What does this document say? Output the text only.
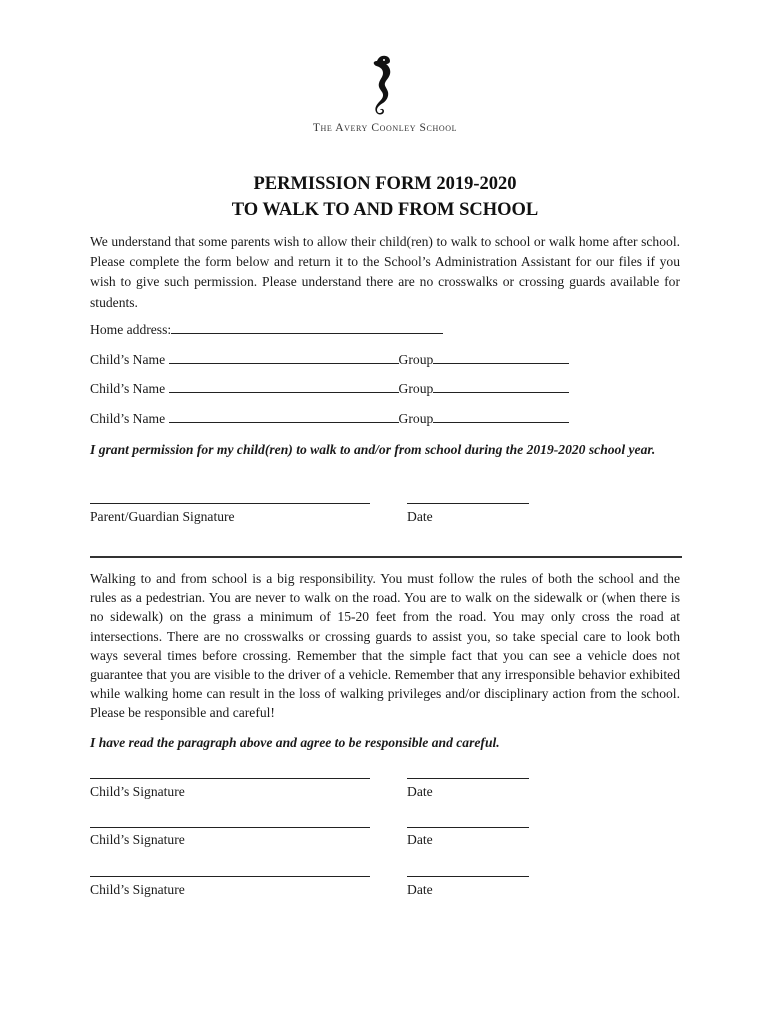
The Avery Coonley School
PERMISSION FORM 2019-2020
TO WALK TO AND FROM SCHOOL

We understand that some parents wish to allow their child(ren) to walk to school or walk home after school. Please complete the form below and return it to the School’s Administration Assistant for our files if you wish to give such permission. Please understand there are no crosswalks or crossing guards available for students.

Home address:
Child’s Name	Group
Child’s Name	Group
Child’s Name	Group
I grant permission for my child(ren) to walk to and/or from school during the 2019-2020 school year.
Parent/Guardian Signature	Date

Walking to and from school is a big responsibility. You must follow the rules of both the school and the rules as a pedestrian. You are never to walk on the road. You are to walk on the sidewalk or (when there is no sidewalk) on the grass a minimum of 15-20 feet from the road. You may only cross the road at intersections. There are no crosswalks or crossing guards to assist you, so take special care to look both ways several times before crossing. Remember that the simple fact that you can see a vehicle does not guarantee that you are visible to the driver of a vehicle. Remember that any irresponsible behavior exhibited while walking home can result in the loss of walking privileges and/or disciplinary action from the school. Please be responsible and careful!

I have read the paragraph above and agree to be responsible and careful.
Child’s Signature	Date
Child’s Signature	Date
Child’s Signature	Date
